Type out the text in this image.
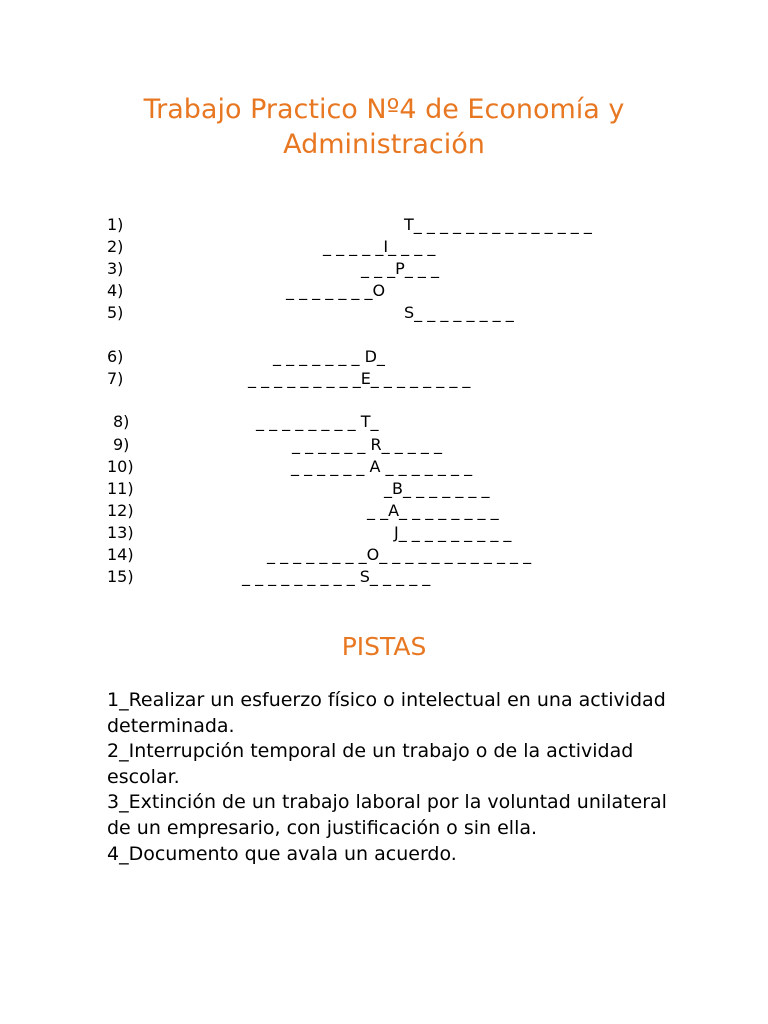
Trabajo Practico Nº4 de Economía y
Administración

1)

	T_ _ _ _ _ _ _ _ _ _ _ _ _ _

2)

	_ _ _ _ _I_ _ _ _

3)

	_ _ _P_ _ _

4)

	_ _ _ _ _ _ _O

5)

	S_ _ _ _ _ _ _ _

6)

	_ _ _ _ _ _ _ D_

7)

	_ _ _ _ _ _ _ _ _E_ _ _ _ _ _ _ _

8)

	_ _ _ _ _ _ _ _ T_

9)

	_ _ _ _ _ _ R_ _ _ _ _

10)

	_ _ _ _ _ _ A _ _ _ _ _ _ _

11)

	_B_ _ _ _ _ _ _

12)

	_ _A_ _ _ _ _ _ _ _

13)

	J_ _ _ _ _ _ _ _ _

14)

	_ _ _ _ _ _ _ _O_ _ _ _ _ _ _ _ _ _ _ _

15)

	_ _ _ _ _ _ _ _ _ S_ _ _ _ _

PISTAS

1_Realizar un esfuerzo físico o intelectual en una actividad determinada.

2_Interrupción temporal de un trabajo o de la actividad escolar.

3_Extinción de un trabajo laboral por la voluntad unilateral de un empresario, con justificación o sin ella.

4_Documento que avala un acuerdo.
